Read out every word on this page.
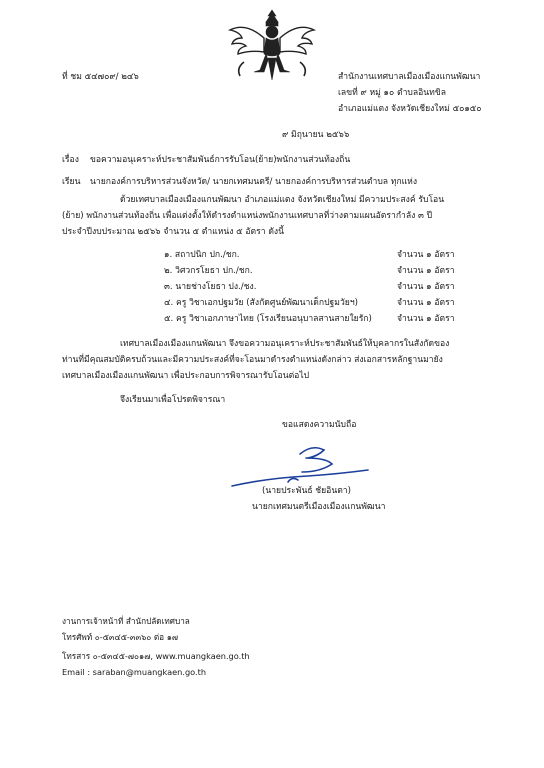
ที่ ชม ๕๔๗๐๙/ ๒๔๖	สำนักงานเทศบาลเมืองเมืองแกนพัฒนา
เลขที่ ๙ หมู่ ๑๐ ตำบลอินทขิล
อำเภอแม่แตง จังหวัดเชียงใหม่ ๕๐๑๕๐
๙ มิถุนายน ๒๕๖๖
เรื่อง ขอความอนุเคราะห์ประชาสัมพันธ์การรับโอน(ย้าย)พนักงานส่วนท้องถิ่น
เรียน นายกองค์การบริหารส่วนจังหวัด/ นายกเทศมนตรี/ นายกองค์การบริหารส่วนตำบล ทุกแห่ง
ด้วยเทศบาลเมืองเมืองแกนพัฒนา อำเภอแม่แตง จังหวัดเชียงใหม่ มีความประสงค์ รับโอน
(ย้าย) พนักงานส่วนท้องถิ่น เพื่อแต่งตั้งให้ดำรงตำแหน่งพนักงานเทศบาลที่ว่างตามแผนอัตรากำลัง ๓ ปี
ประจำปีงบประมาณ ๒๕๖๖ จำนวน ๕ ตำแหน่ง ๕ อัตรา ดังนี้
๑. สถาปนิก ปก./ชก.	จำนวน ๑ อัตรา
๒. วิศวกรโยธา ปก./ชก.	จำนวน ๑ อัตรา
๓. นายช่างโยธา ปง./ชง.	จำนวน ๑ อัตรา
๔. ครู วิชาเอกปฐมวัย (สังกัดศูนย์พัฒนาเด็กปฐมวัยฯ)	จำนวน ๑ อัตรา
๕. ครู วิชาเอกภาษาไทย (โรงเรียนอนุบาลสานสายใยรัก)	จำนวน ๑ อัตรา
เทศบาลเมืองเมืองแกนพัฒนา จึงขอความอนุเคราะห์ประชาสัมพันธ์ให้บุคลากรในสังกัดของ
ท่านที่มีคุณสมบัติครบถ้วนและมีความประสงค์ที่จะโอนมาดำรงตำแหน่งดังกล่าว ส่งเอกสารหลักฐานมายัง
เทศบาลเมืองเมืองแกนพัฒนา เพื่อประกอบการพิจารณารับโอนต่อไป
จึงเรียนมาเพื่อโปรดพิจารณา
ขอแสดงความนับถือ
(นายประพันธ์ ชัยอินตา)
นายกเทศมนตรีเมืองเมืองแกนพัฒนา
งานการเจ้าหน้าที่ สำนักปลัดเทศบาล
โทรศัพท์ ๐-๕๓๔๕-๓๓๖๐ ต่อ ๑๗
โทรสาร ๐-๕๓๔๕-๗๐๑๗, www.muangkaen.go.th
Email : saraban@muangkaen.go.th
